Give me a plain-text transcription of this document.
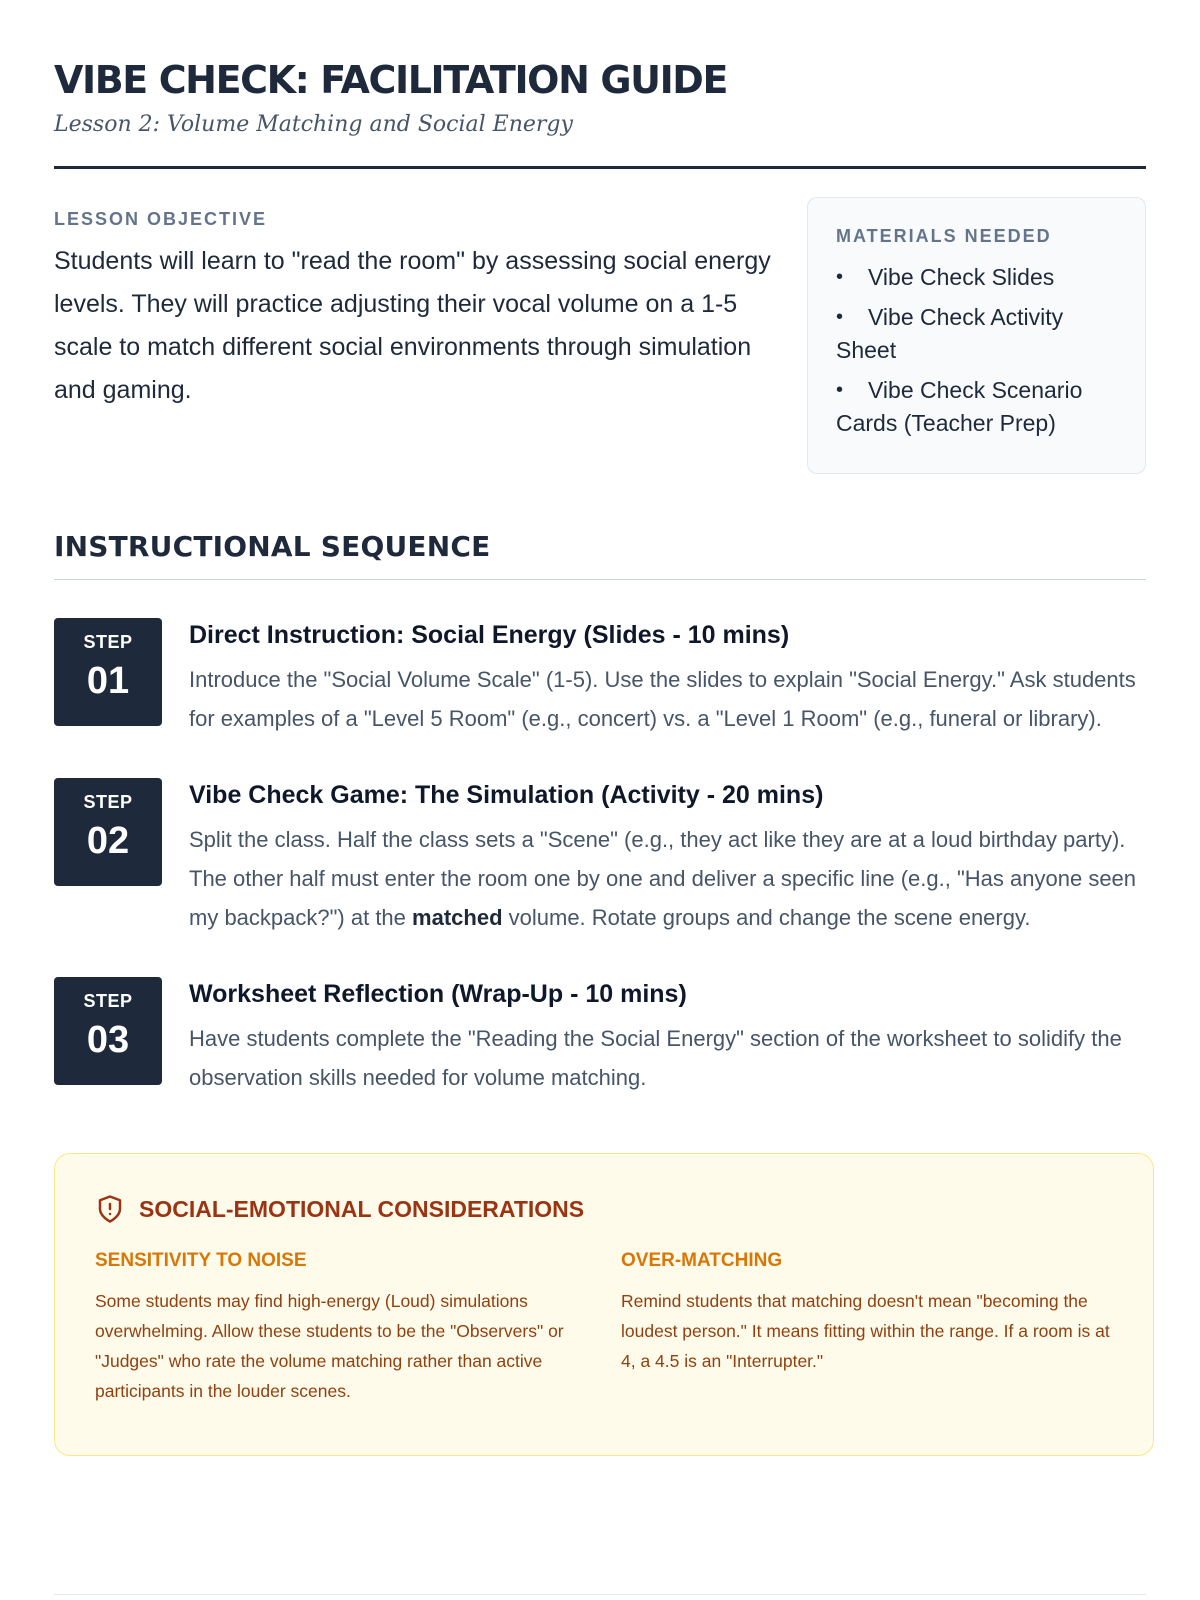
VIBE CHECK: FACILITATION GUIDE
Lesson 2: Volume Matching and Social Energy
LESSON OBJECTIVE

Students will learn to "read the room" by assessing social energy levels. They will practice adjusting their vocal volume on a 1-5 scale to match different social environments through simulation and gaming.

MATERIALS NEEDED
• Vibe Check Slides
• Vibe Check Activity Sheet
• Vibe Check Scenario Cards (Teacher Prep)
INSTRUCTIONAL SEQUENCE
STEP
01
Direct Instruction: Social Energy (Slides - 10 mins)

Introduce the "Social Volume Scale" (1-5). Use the slides to explain "Social Energy." Ask students for examples of a "Level 5 Room" (e.g., concert) vs. a "Level 1 Room" (e.g., funeral or library).

STEP
02
Vibe Check Game: The Simulation (Activity - 20 mins)

Split the class. Half the class sets a "Scene" (e.g., they act like they are at a loud birthday party). The other half must enter the room one by one and deliver a specific line (e.g., "Has anyone seen my backpack?") at the matched volume. Rotate groups and change the scene energy.

STEP
03
Worksheet Reflection (Wrap-Up - 10 mins)

Have students complete the "Reading the Social Energy" section of the worksheet to solidify the observation skills needed for volume matching.

SOCIAL-EMOTIONAL CONSIDERATIONS
SENSITIVITY TO NOISE

Some students may find high-energy (Loud) simulations overwhelming. Allow these students to be the "Observers" or "Judges" who rate the volume matching rather than active participants in the louder scenes.

OVER-MATCHING

Remind students that matching doesn't mean "becoming the loudest person." It means fitting within the range. If a room is at 4, a 4.5 is an "Interrupter."
